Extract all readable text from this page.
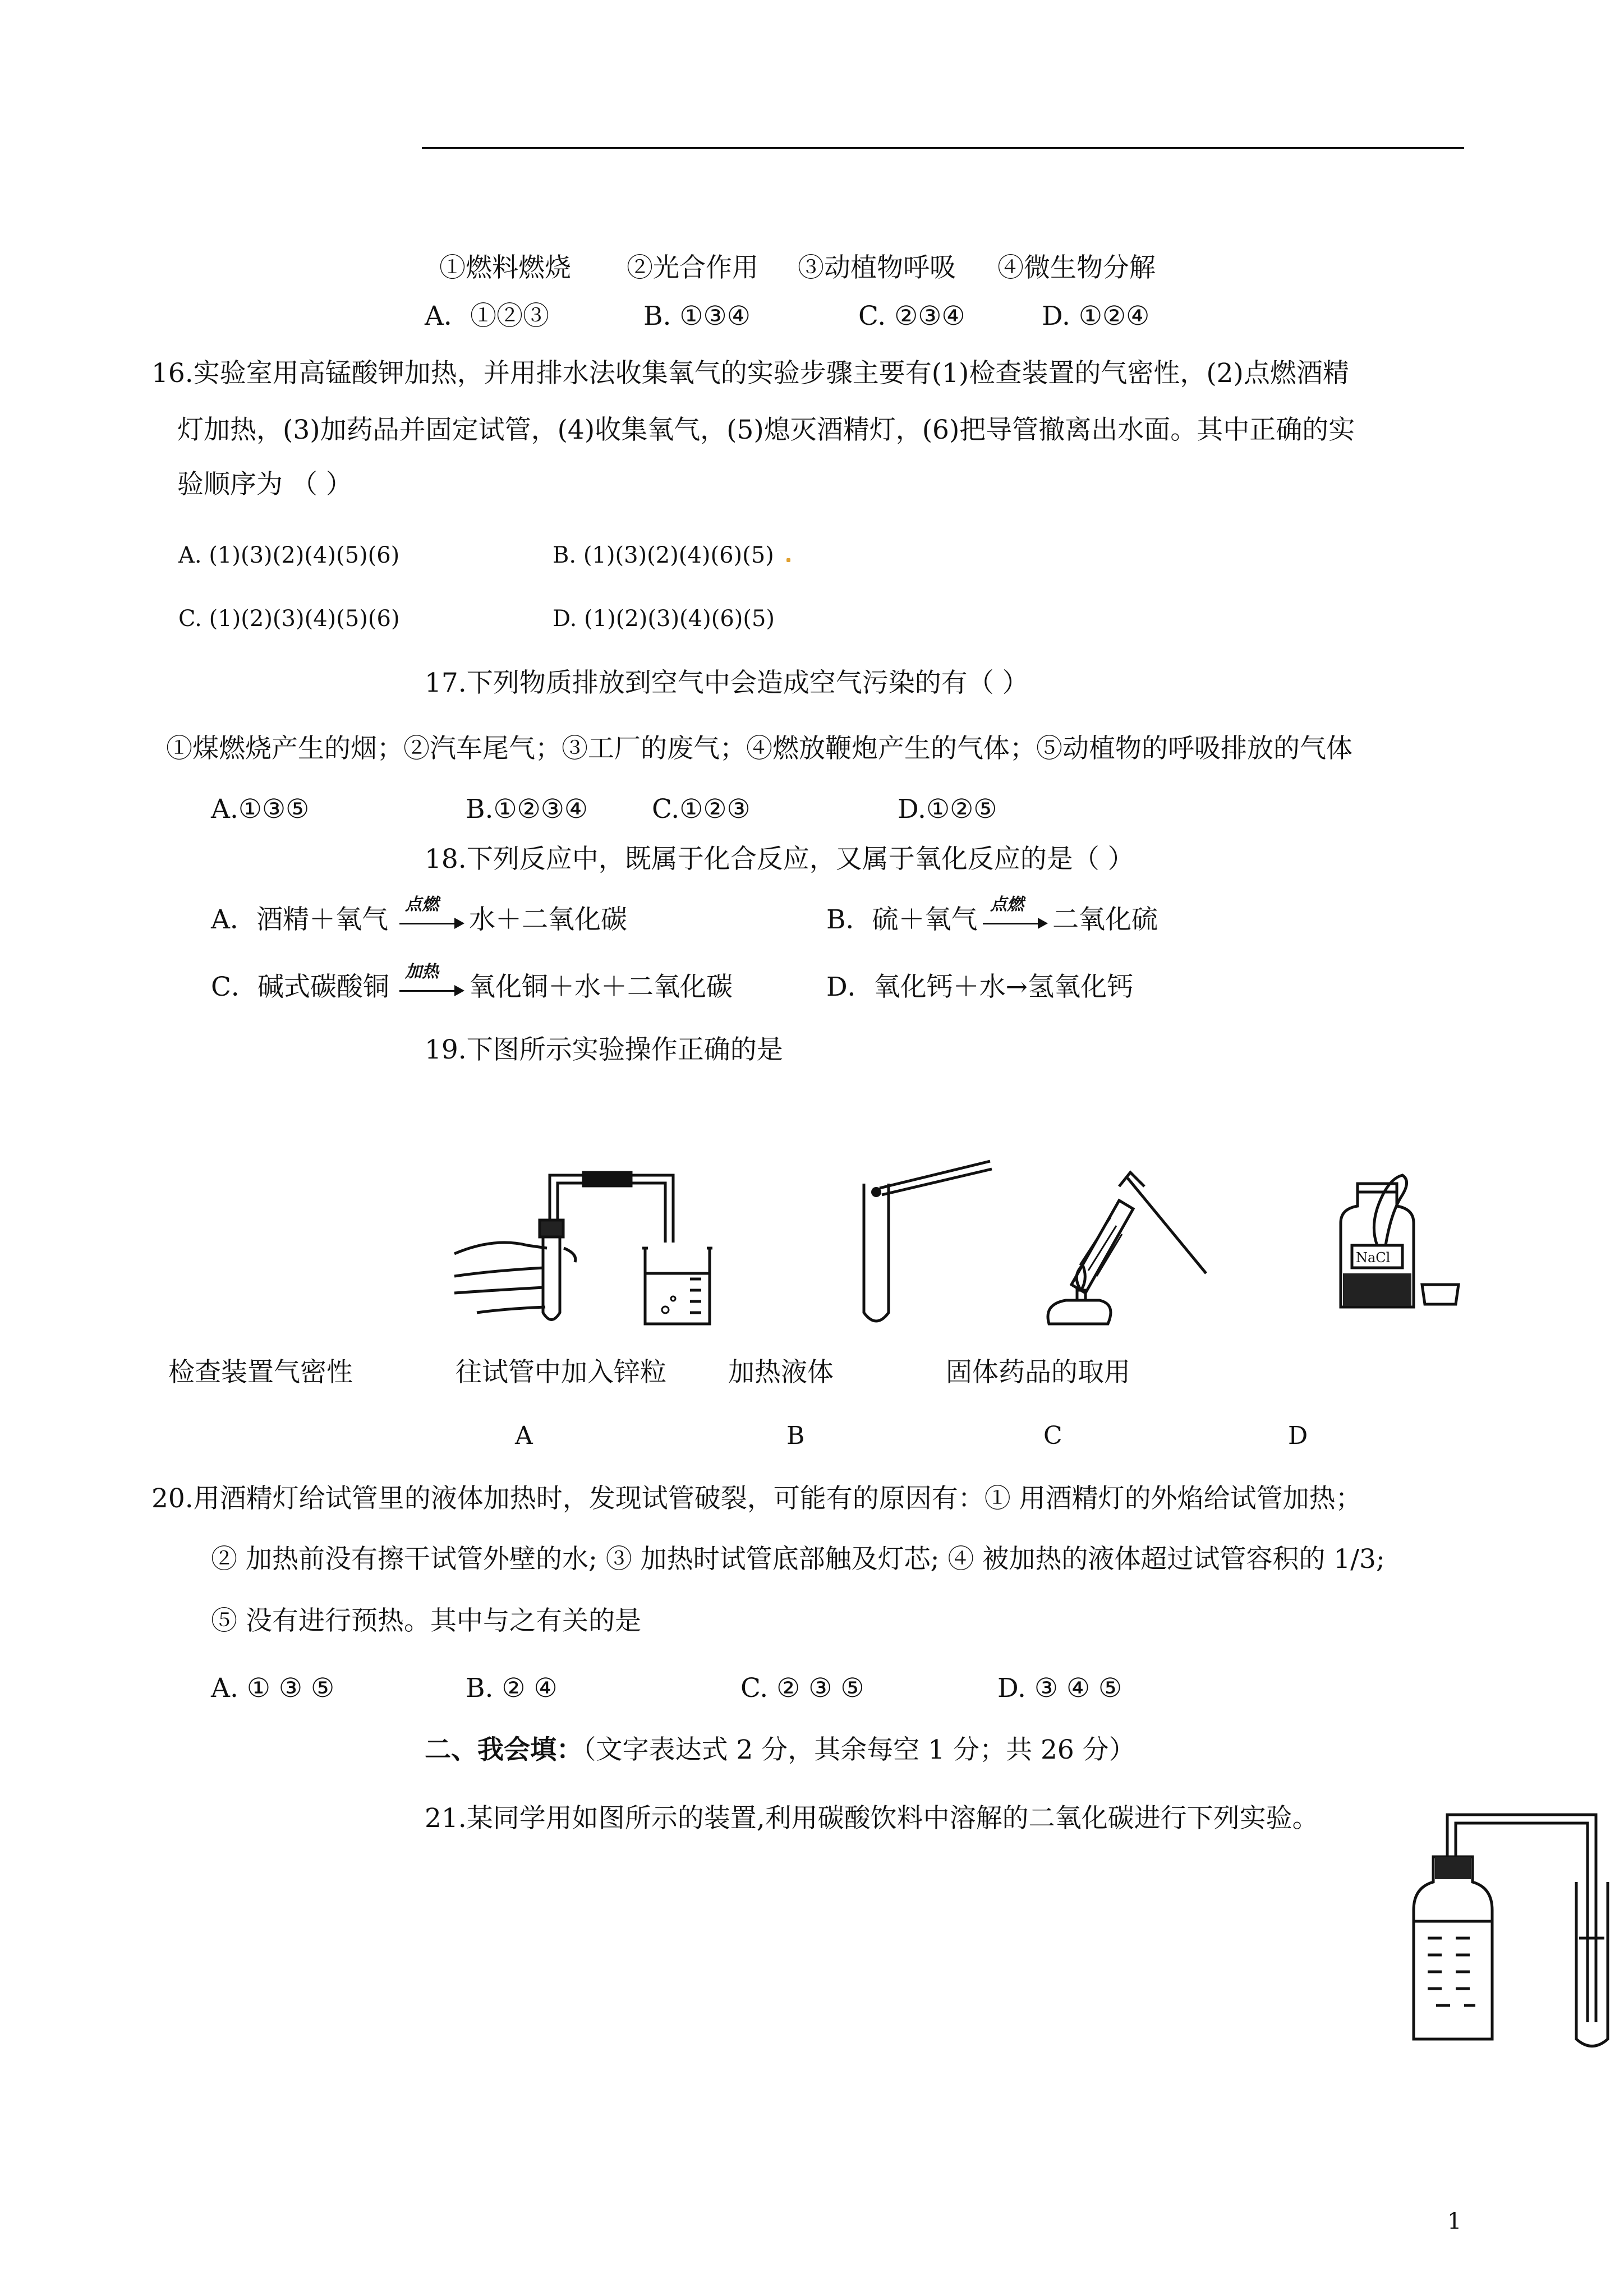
①燃料燃烧 ②光合作用 ③动植物呼吸 ④微生物分解
A．①②③	B. ①③④	C. ②③④	D. ①②④
16.实验室用高锰酸钾加热，并用排水法收集氧气的实验步骤主要有(1)检查装置的气密性，(2)点燃酒精
灯加热，(3)加药品并固定试管，(4)收集氧气，(5)熄灭酒精灯，(6)把导管撤离出水面。其中正确的实
验顺序为 （ ）
A. (1)(3)(2)(4)(5)(6)	B. (1)(3)(2)(4)(6)(5)
C. (1)(2)(3)(4)(5)(6)	D. (1)(2)(3)(4)(6)(5)
17.下列物质排放到空气中会造成空气污染的有（ ）
①煤燃烧产生的烟；②汽车尾气；③工厂的废气；④燃放鞭炮产生的气体；⑤动植物的呼吸排放的气体
A.①③⑤	B.①②③④ C.①②③	D.①②⑤
18.下列反应中，既属于化合反应，又属于氧化反应的是（ ）
A．酒精＋氧气 点燃 水＋二氧化碳	B．硫＋氧气 点燃 二氧化硫
C．碱式碳酸铜 加热 氧化铜＋水＋二氧化碳	D．氧化钙＋水→氢氧化钙
19.下图所示实验操作正确的是
NaCl
检查装置气密性	往试管中加入锌粒 加热液体	固体药品的取用
A	B	C	D
20.用酒精灯给试管里的液体加热时，发现试管破裂，可能有的原因有：① 用酒精灯的外焰给试管加热；
② 加热前没有擦干试管外壁的水; ③ 加热时试管底部触及灯芯; ④ 被加热的液体超过试管容积的 1/3;
⑤ 没有进行预热。其中与之有关的是
A. ① ③ ⑤	B. ② ④	C. ② ③ ⑤	D. ③ ④ ⑤
二、我会填：（文字表达式 2 分，其余每空 1 分；共 26 分）
21.某同学用如图所示的装置,利用碳酸饮料中溶解的二氧化碳进行下列实验。
1
